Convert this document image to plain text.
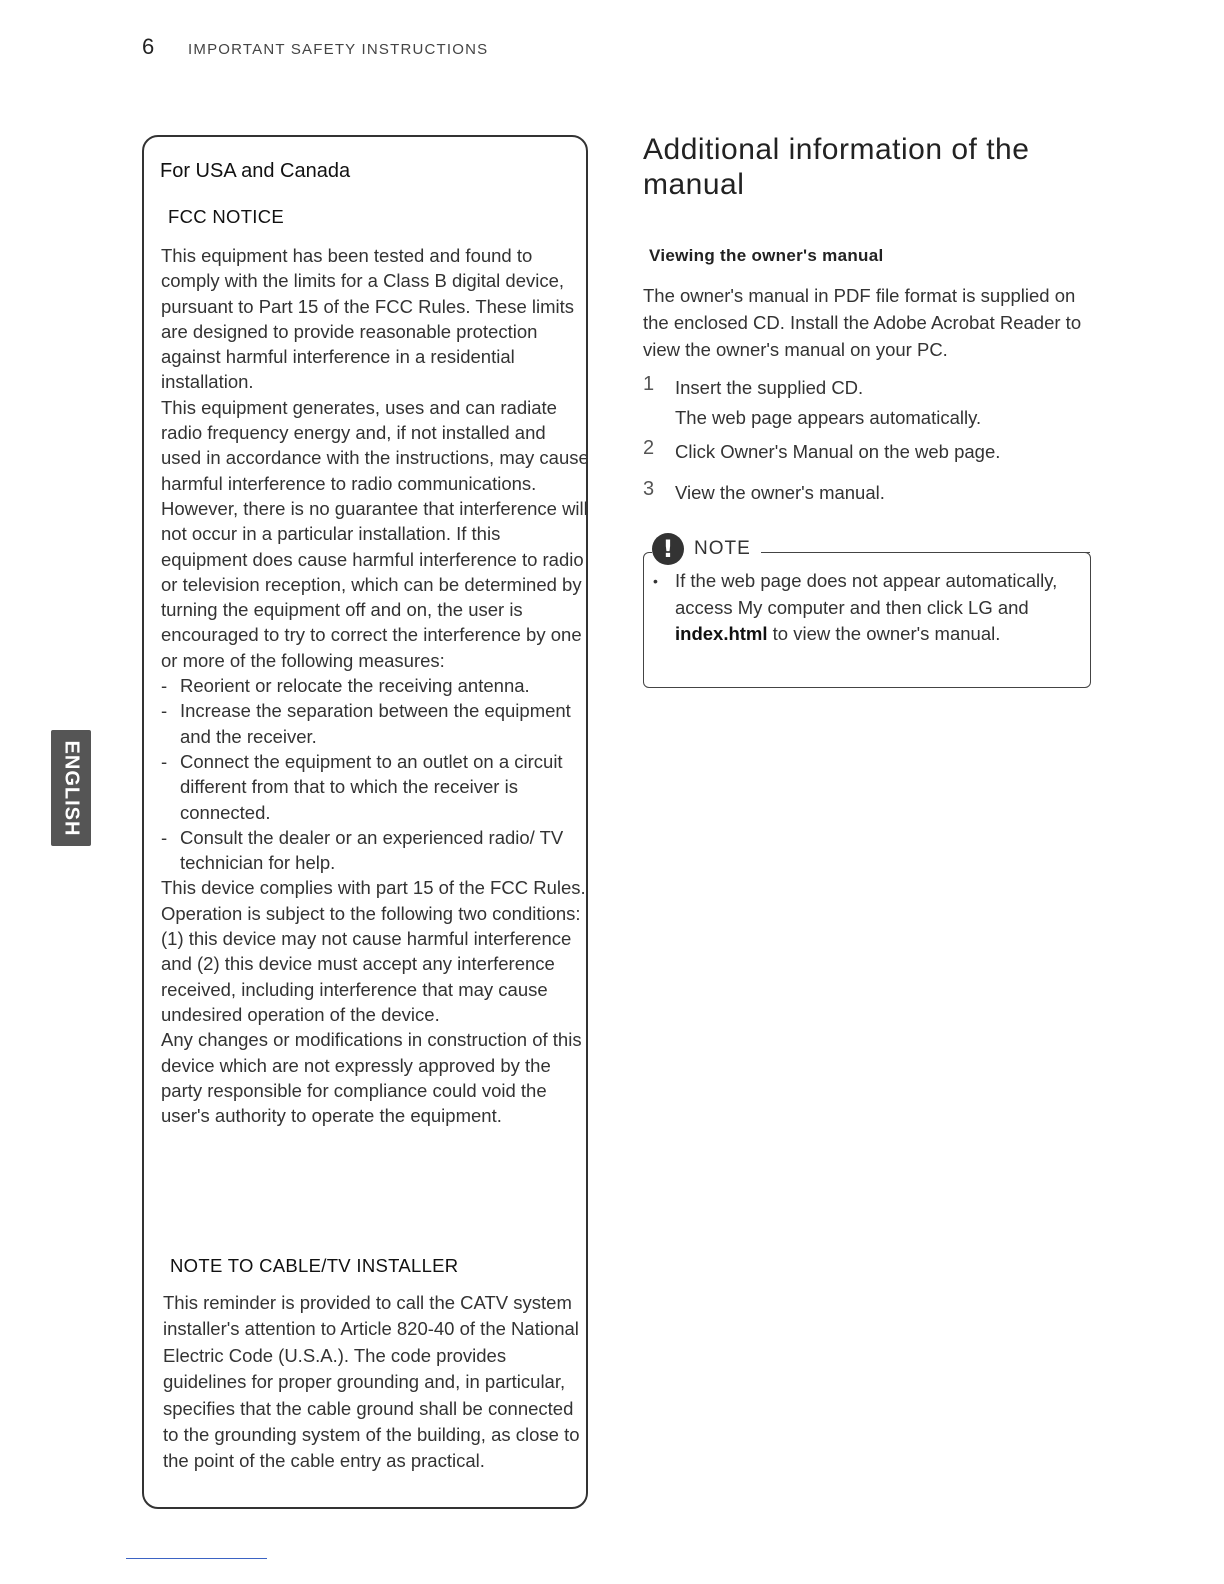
6	IMPORTANT SAFETY INSTRUCTIONS
ENGLISH
For USA and Canada
FCC NOTICE

This equipment has been tested and found to comply with the limits for a Class B digital device, pursuant to Part 15 of the FCC Rules. These limits are designed to provide reasonable protection against harmful interference in a residential installation.

This equipment generates, uses and can radiate radio frequency energy and, if not installed and used in accordance with the instructions, may cause harmful interference to radio communications. However, there is no guarantee that interference will not occur in a particular installation. If this equipment does cause harmful interference to radio or television reception, which can be determined by turning the equipment off and on, the user is encouraged to try to correct the interference by one or more of the following measures:

- Reorient or relocate the receiving antenna.
- Increase the separation between the equipment and the receiver.
- Connect the equipment to an outlet on a circuit different from that to which the receiver is connected.
- Consult the dealer or an experienced radio/ TV technician for help.

This device complies with part 15 of the FCC Rules. Operation is subject to the following two conditions: (1) this device may not cause harmful interference and (2) this device must accept any interference received, including interference that may cause undesired operation of the device.

Any changes or modifications in construction of this device which are not expressly approved by the party responsible for compliance could void the user's authority to operate the equipment.

NOTE TO CABLE/TV INSTALLER

This reminder is provided to call the CATV system installer's attention to Article 820-40 of the National Electric Code (U.S.A.). The code provides guidelines for proper grounding and, in particular, specifies that the cable ground shall be connected to the grounding system of the building, as close to the point of the cable entry as practical.

Additional information of the manual
Viewing the owner's manual

The owner's manual in PDF file format is supplied on the enclosed CD. Install the Adobe Acrobat Reader to view the owner's manual on your PC.

1	Insert the supplied CD.
The web page appears automatically.
2	Click Owner's Manual on the web page.
3	View the owner's manual.
!	NOTE
• If the web page does not appear automatically, access My computer and then click LG and index.html to view the owner's manual.
